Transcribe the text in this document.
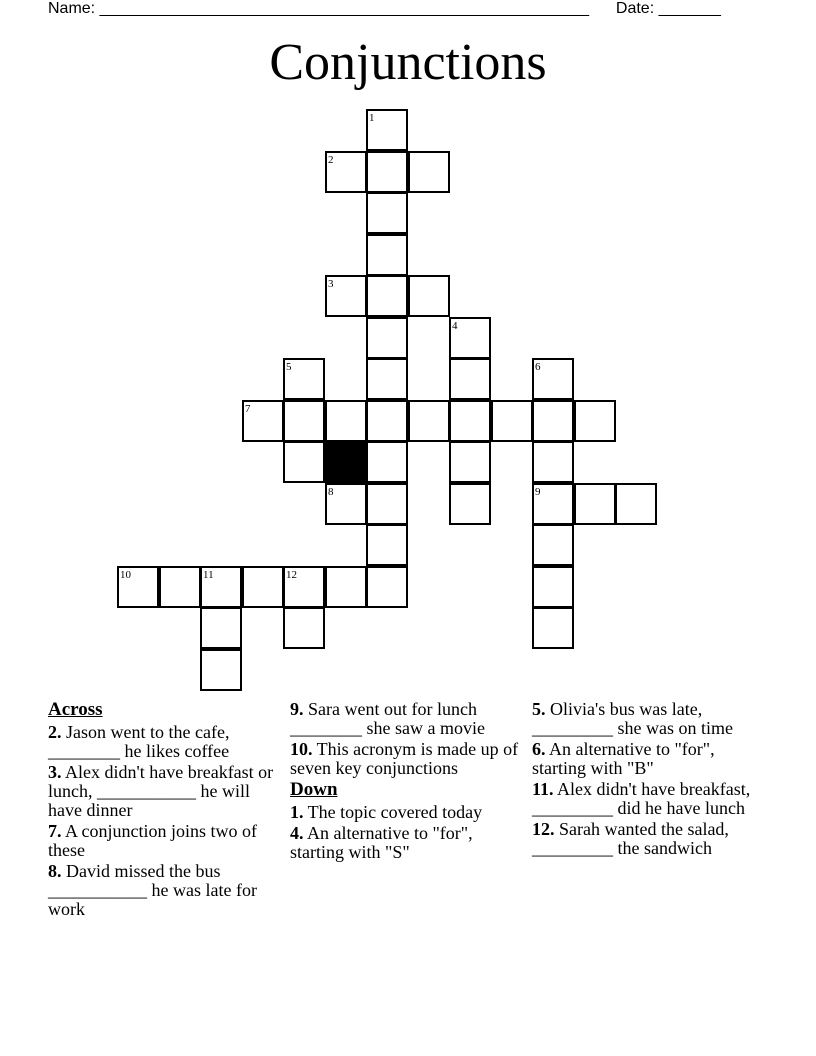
Name: _______________________________________________________ Date: _______
Conjunctions
1
2
3
4
5	6
7
8	9
10	11	12
Across
2. Jason went to the cafe, ________ he likes coffee
3. Alex didn't have breakfast or lunch, ___________ he will have dinner
7. A conjunction joins two of these
8. David missed the bus ___________ he was late for work
9. Sara went out for lunch ________ she saw a movie
10. This acronym is made up of seven key conjunctions
Down
1. The topic covered today
4. An alternative to "for", starting with "S"
5. Olivia's bus was late, _________ she was on time
6. An alternative to "for", starting with "B"
11. Alex didn't have breakfast, _________ did he have lunch
12. Sarah wanted the salad, _________ the sandwich
